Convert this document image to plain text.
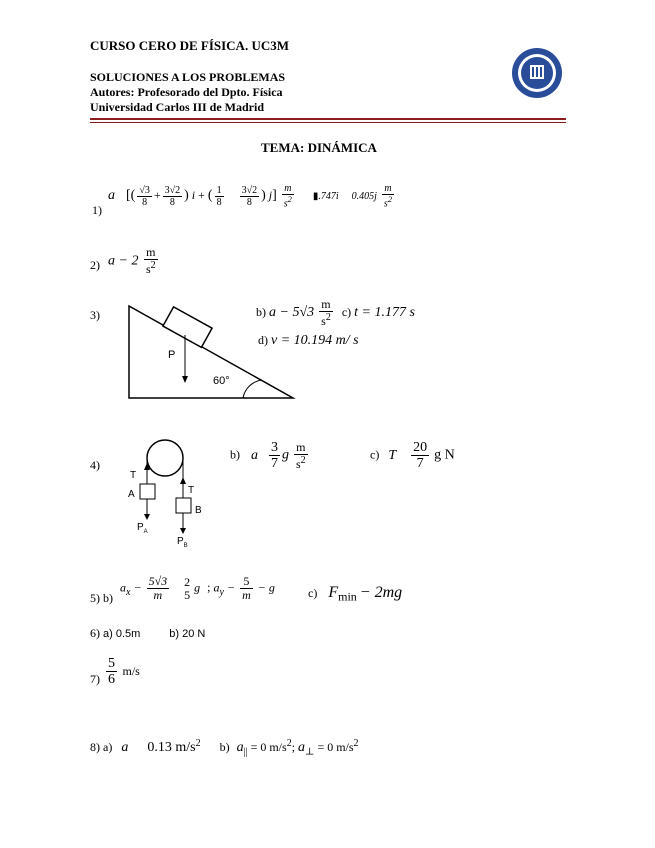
CURSO CERO DE FÍSICA. UC3M
SOLUCIONES A LOS PROBLEMAS
Autores: Profesorado del Dpto. Física
Universidad Carlos III de Madrid
TEMA: DINÁMICA
1)
a [( $\frac{√3}{8} + \frac{3√2}{8}$ ) i + ( $\frac{1}{8} \frac{3√2}{8}$ ) $j] \frac{m}{s^2}$ ▮.747i $0.405j \frac{m}{s^2}$
2) $a - 2 \frac{m}{s^2}$
3)
P
60°
b) $a - 5√3 \frac{m}{s^2} c$) t = 1.177 s
d) v = 10.194 m/ s
4)
T
T
A
B
$P_A$
$P_B$
b) a $\frac{3}{7}$ g $\frac{m}{s^2}$	c) T $\frac{20}{7}$ g N
5) b)
$a_x - \frac{5√3}{m}$
2
5
g ; $a_y - \frac{5}{m} - g$	c) $F_{min} - 2mg$
6) a) 0.5m	b) 20 N
$7) \frac{5}{6} m/s$
8) a) a 0.13 $m/s^2$ b) $a_{||} = 0$ $m/s^2$; $a_\perp = 0$ $m/s^2$
